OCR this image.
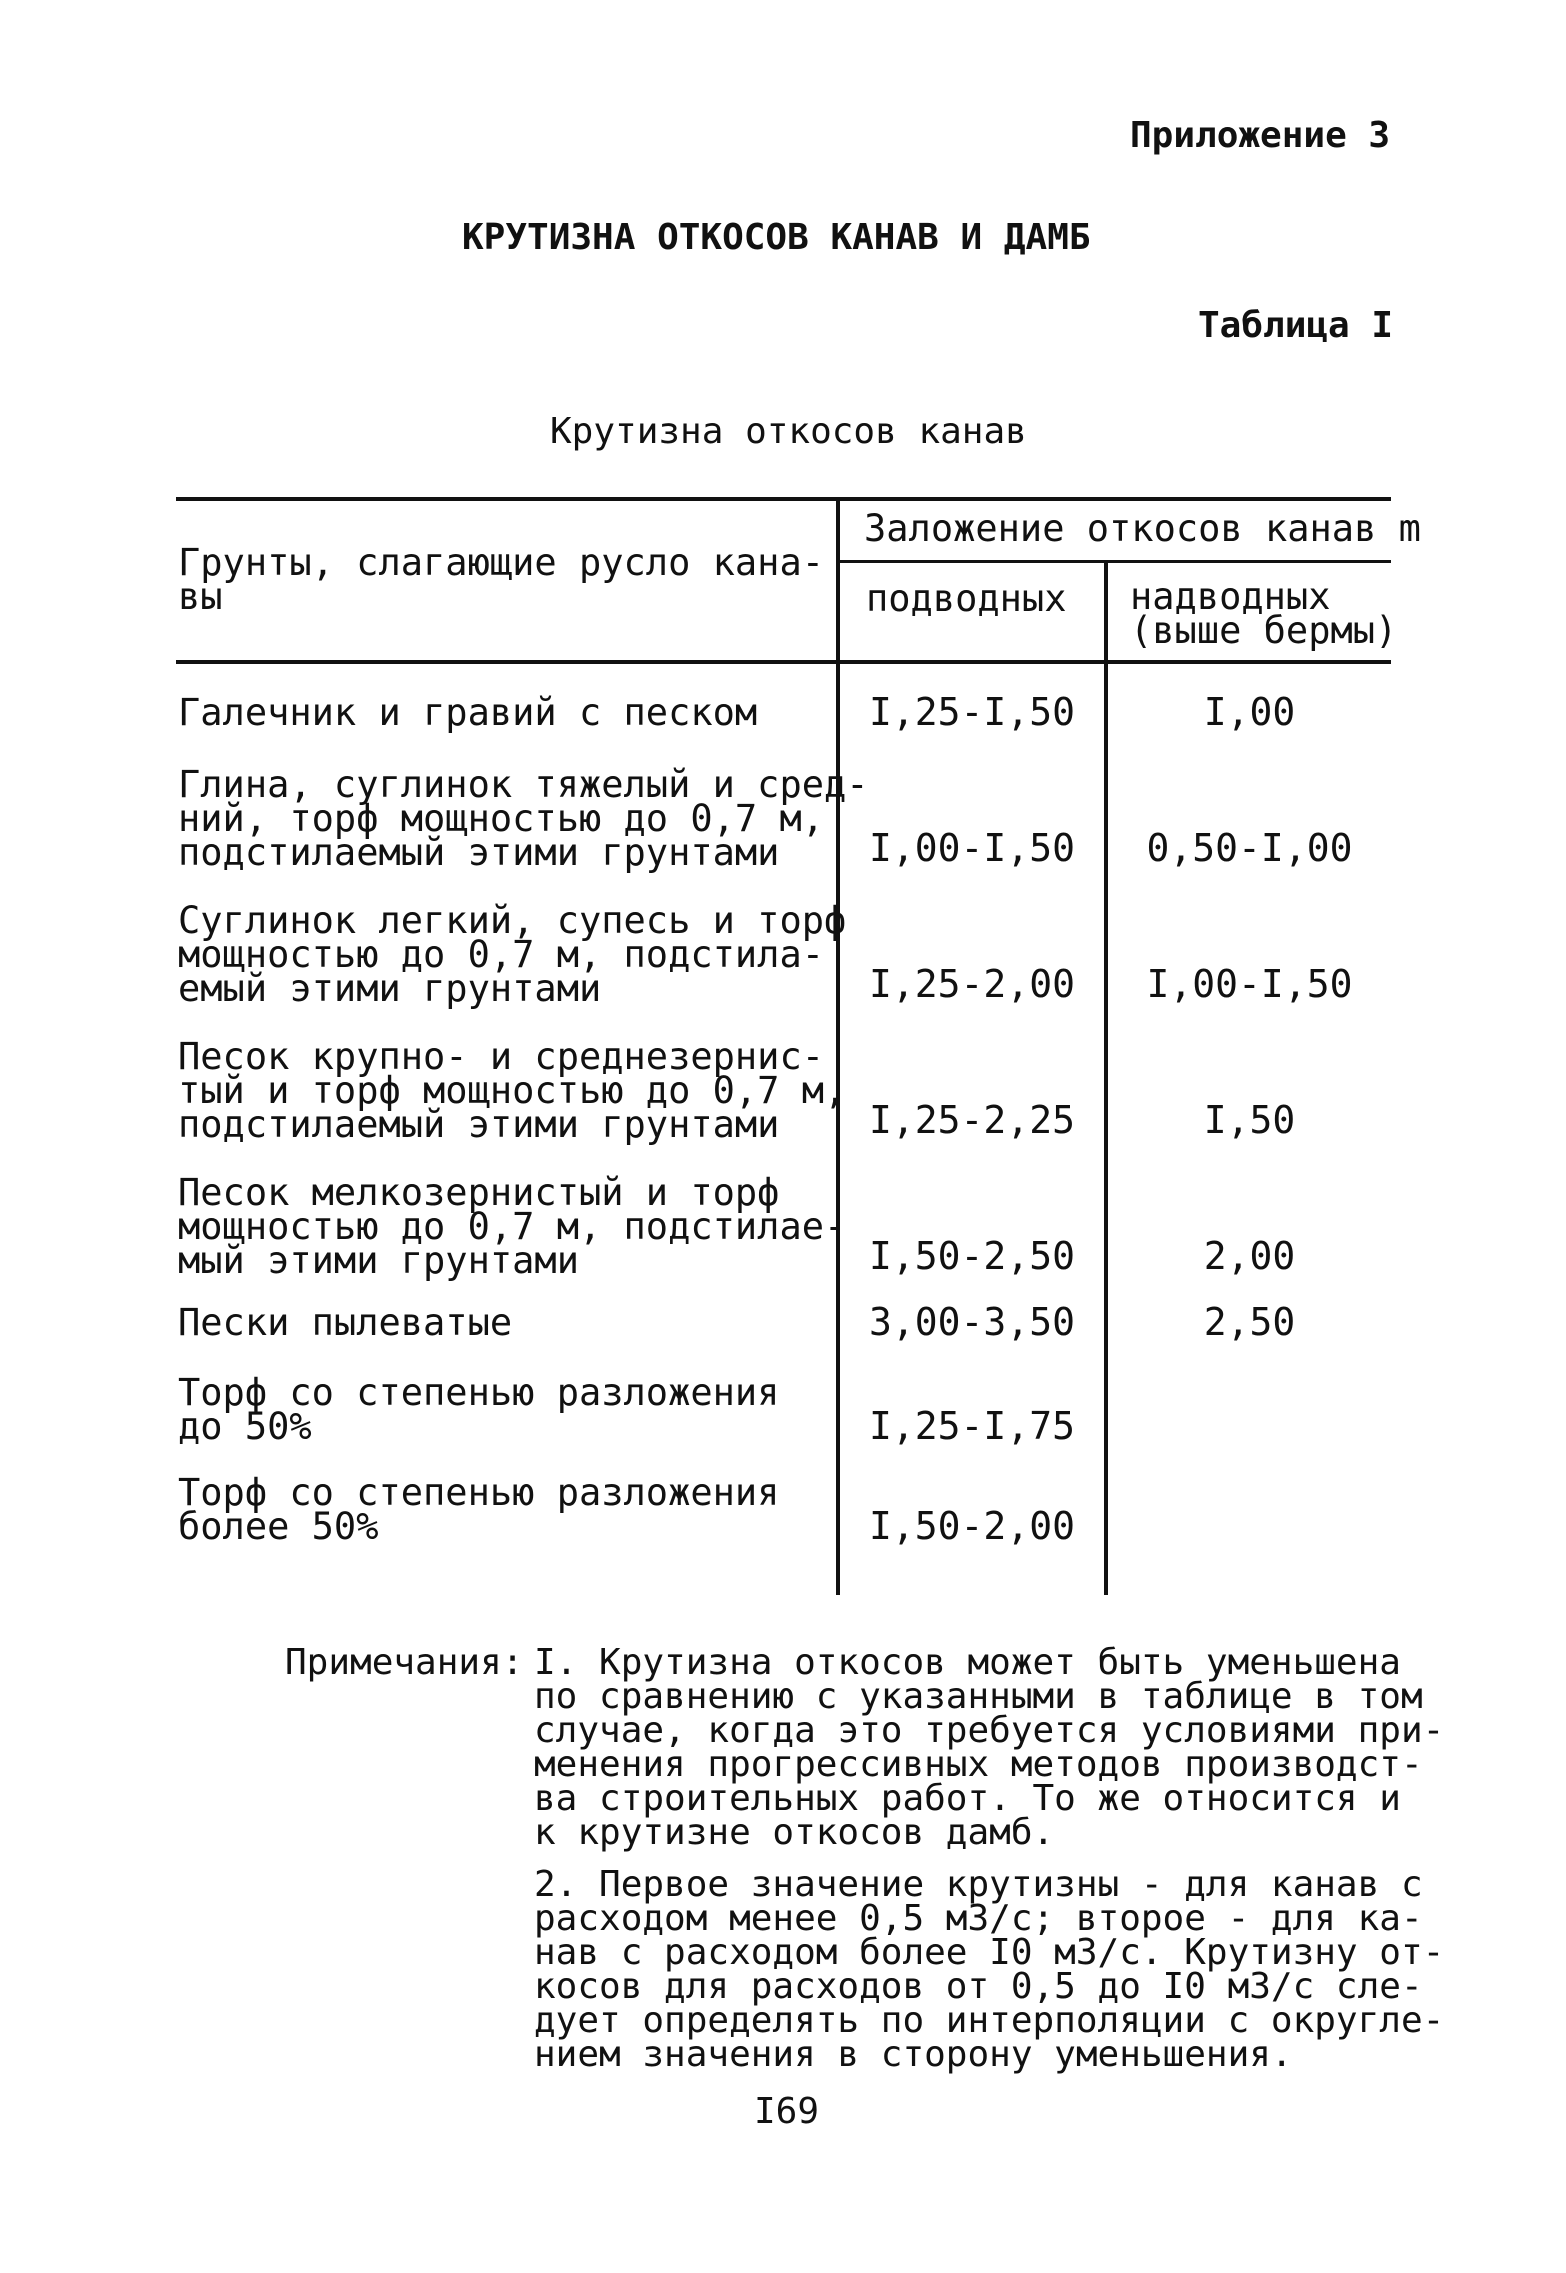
Приложение 3
КРУТИЗНА ОТКОСОВ КАНАВ И ДАМБ
Таблица I
Крутизна откосов канав
Грунты, слагающие русло кана-
вы
Заложение откосов канав m
подводных надводных
(выше бермы)
Галечник и гравий с песком	I,25-I,50	I,00
Глина, суглинок тяжелый и сред-
ний, торф мощностью до 0,7 м,
подстилаемый этими грунтами	I,00-I,50	0,50-I,00
Суглинок легкий, супесь и торф
мощностью до 0,7 м, подстила-
емый этими грунтами	I,25-2,00	I,00-I,50
Песок крупно- и среднезернис-
тый и торф мощностью до 0,7 м,
подстилаемый этими грунтами	I,25-2,25	I,50
Песок мелкозернистый и торф
мощностью до 0,7 м, подстилае-
мый этими грунтами	I,50-2,50	2,00
Пески пылеватые	3,00-3,50	2,50
Торф со степенью разложения
до 50%	I,25-I,75
Торф со степенью разложения
более 50%	I,50-2,00
Примечания: I. Крутизна откосов может быть уменьшена
по сравнению с указанными в таблице в том
случае, когда это требуется условиями при-
менения прогрессивных методов производст-
ва строительных работ. То же относится и
к крутизне откосов дамб.
2. Первое значение крутизны - для канав с
расходом менее 0,5 м3/с; второе - для ка-
нав с расходом более I0 м3/с. Крутизну от-
косов для расходов от 0,5 до I0 м3/с сле-
дует определять по интерполяции с округле-
нием значения в сторону уменьшения.
I69
